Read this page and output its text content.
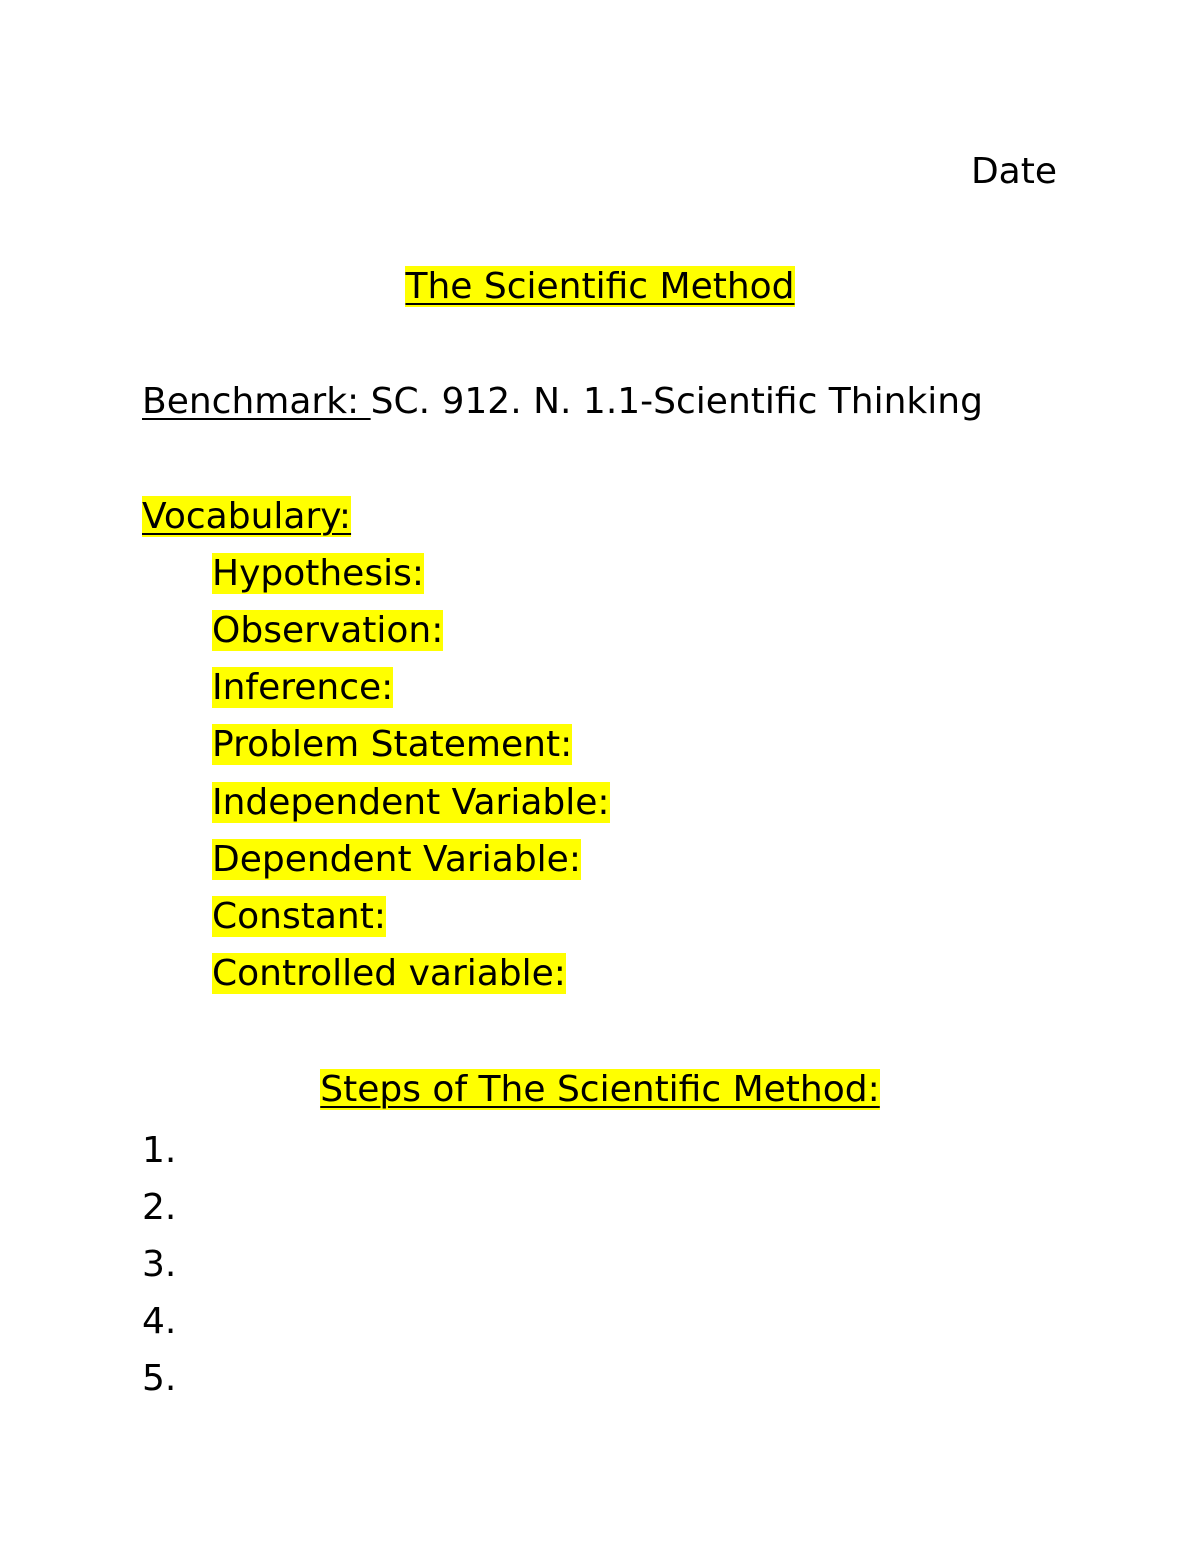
Date
The Scientific Method
Benchmark: SC. 912. N. 1.1-Scientific Thinking
Vocabulary:
Hypothesis:
Observation:
Inference:
Problem Statement:
Independent Variable:
Dependent Variable:
Constant:
Controlled variable:
Steps of The Scientific Method:
1.
2.
3.
4.
5.
